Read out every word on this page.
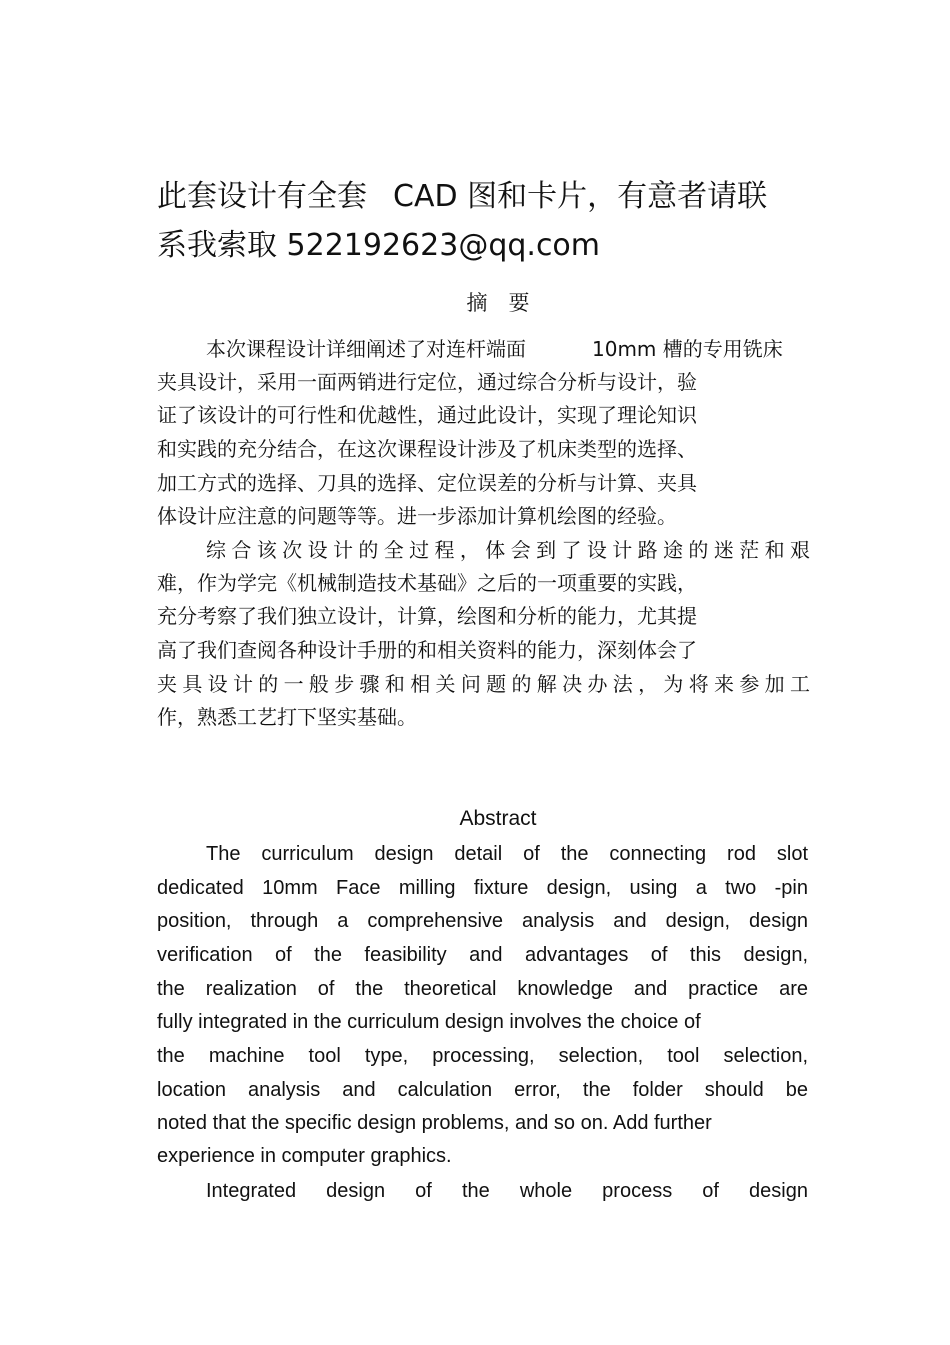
此套设计有全套 CAD 图和卡片，有意者请联
系我索取 522192623@qq.com
摘　要
本次课程设计详细阐述了对连杆端面	10mm 槽的专用铣床
夹具设计，采用一面两销进行定位，通过综合分析与设计，验
证了该设计的可行性和优越性，通过此设计，实现了理论知识
和实践的充分结合，在这次课程设计涉及了机床类型的选择、
加工方式的选择、刀具的选择、定位误差的分析与计算、夹具
体设计应注意的问题等等。进一步添加计算机绘图的经验。
综合该次设计的全过程，体会到了设计路途的迷茫和艰
难，作为学完《机械制造技术基础》之后的一项重要的实践，
充分考察了我们独立设计，计算，绘图和分析的能力，尤其提
高了我们查阅各种设计手册的和相关资料的能力，深刻体会了
夹具设计的一般步骤和相关问题的解决办法，为将来参加工
作，熟悉工艺打下坚实基础。
Abstract
The curriculum design detail of the connecting rod slot
dedicated 10mm Face milling fixture design, using a two -pin
position, through a comprehensive analysis and design, design
verification of the feasibility and advantages of this design,
the realization of the theoretical knowledge and practice are
fully integrated in the curriculum design involves the choice of
the machine tool type, processing, selection, tool selection,
location analysis and calculation error, the folder should be
noted that the specific design problems, and so on. Add further
experience in computer graphics.
Integrated design of the whole process of design
